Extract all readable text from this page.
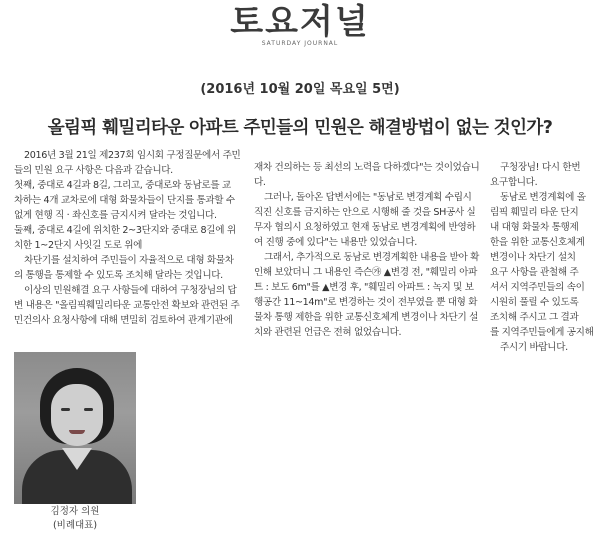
토요저널
SATURDAY JOURNAL
(2016년 10월 20일 목요일 5면)
올림픽 훼밀리타운 아파트 주민들의 민원은 해결방법이 없는 것인가?
2016년 3월 21일 제237회 임시회 구정질문에서 주민
들의 민원 요구 사항은 다음과 같습니다.
첫째, 중대로 4길과 8길, 그리고, 중대로와 동남로를 교
차하는 4개 교차로에 대형 화물차들이 단지를 통과할 수
없게 현행 직 · 좌신호를 금지시켜 달라는 것입니다.
둘째, 중대로 4길에 위치한 2~3단지와 중대로 8길에 위
치한 1~2단지 사잇길 도로 위에
차단기를 설치하여 주민들이 자율적으로 대형 화물차
의 통행을 통제할 수 있도록 조치해 달라는 것입니다.
이상의 민원해결 요구 사항들에 대하여 구청장님의 답
변 내용은 "올림픽훼밀리타운 교통안전 확보와 관련된 주
민건의사 요청사항에 대해 면밀히 검토하여 관계기관에
재차 건의하는 등 최선의 노력을 다하겠다"는 것이었습니
다.
그러나, 돌아온 답변서에는 "동남로 변경계획 수립시
직진 신호를 금지하는 안으로 시행해 줄 것을 SH공사 실
무자 협의시 요청하였고 현재 동남로 변경계획에 반영하
여 진행 중에 있다"는 내용만 있었습니다.
그래서, 추가적으로 동남로 변경계획한 내용을 받아 확
인해 보았더니 그 내용인 즉슨㉮ ▲변경 전, "훼밀리 아파
트 : 보도 6m"를 ▲변경 후, "훼밀리 아파트 : 녹지 및 보
행공간 11~14m"로 변경하는 것이 전부였을 뿐 대형 화
물차 통행 제한을 위한 교통신호체계 변경이나 차단기 설
치와 관련된 언급은 전혀 없었습니다.
구청장님! 다시 한번
요구합니다.
동남로 변경계획에 올
림픽 훼밀리 타운 단지
내 대형 화물차 통행제
한을 위한 교통신호체계
변경이나 차단기 설치
요구 사항을 관철해 주
셔서 지역주민들의 속이
시원히 풀릴 수 있도록
조치해 주시고 그 결과
를 지역주민들에게 공지해
주시기 바랍니다.
김정자 의원
(비례대표)
